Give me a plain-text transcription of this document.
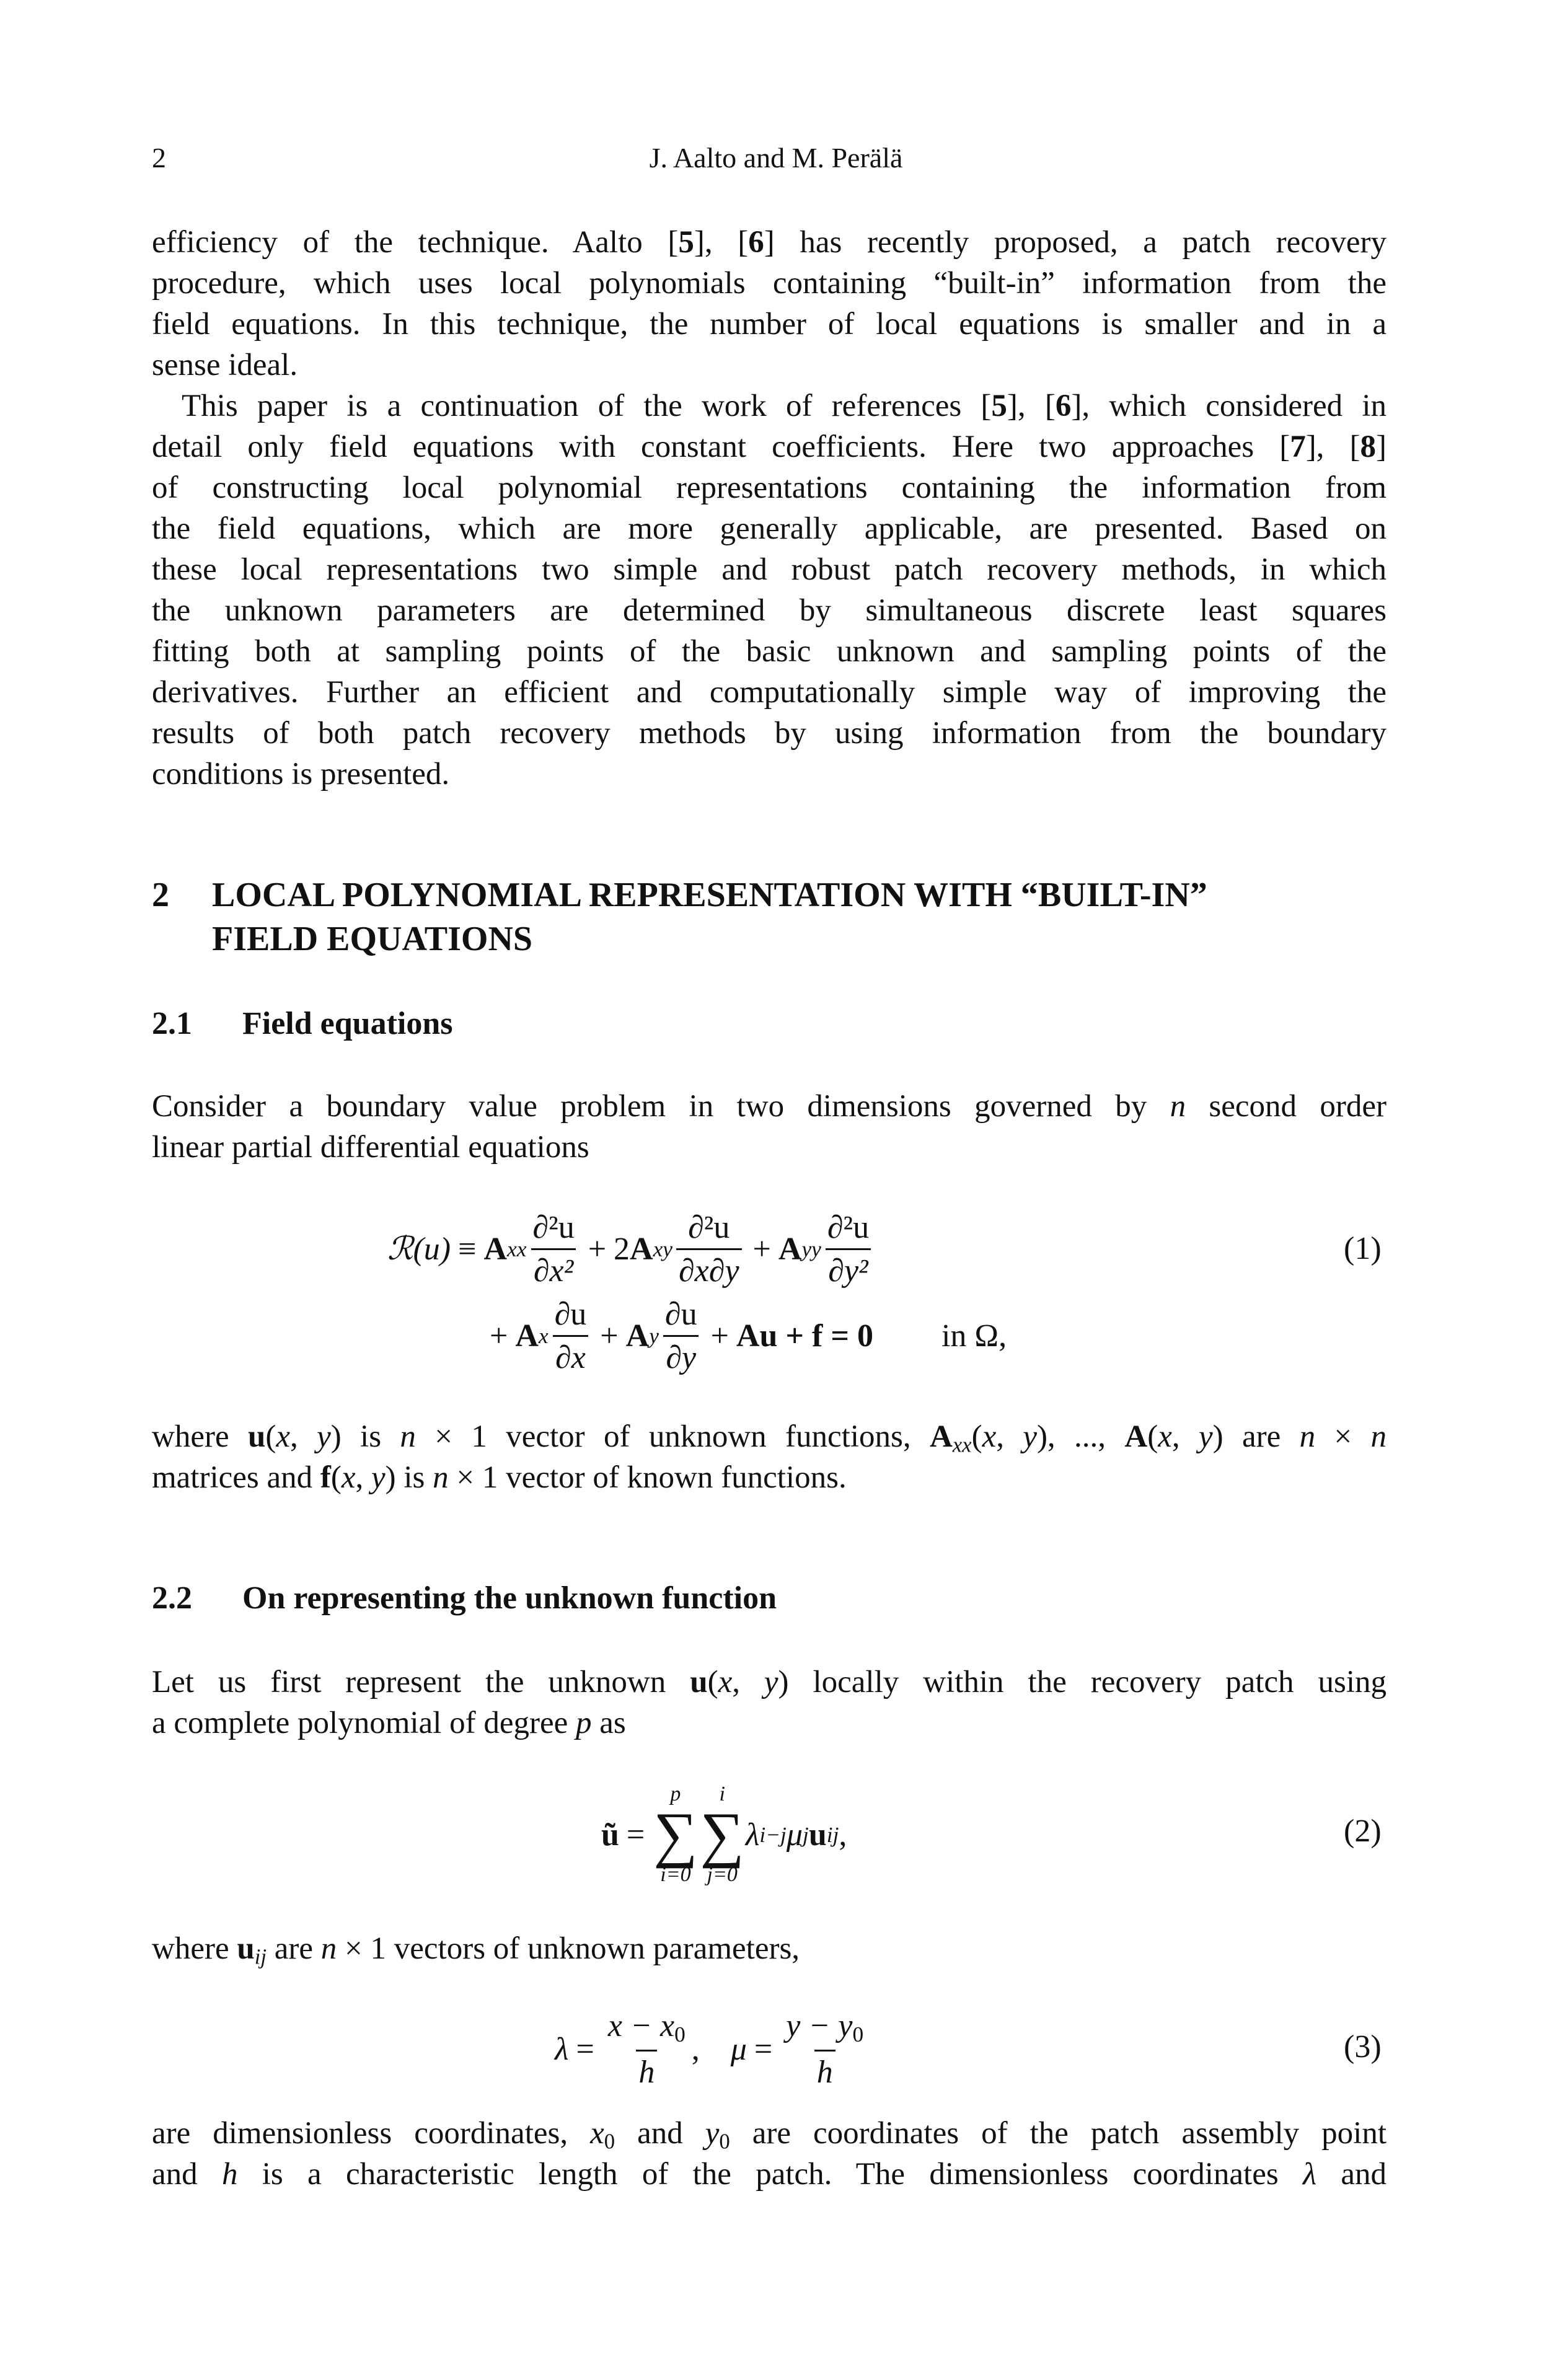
2	J. Aalto and M. Perälä
efficiency of the technique. Aalto [5], [6] has recently proposed, a patch recovery
procedure, which uses local polynomials containing “built-in” information from the
field equations. In this technique, the number of local equations is smaller and in a
sense ideal.
This paper is a continuation of the work of references [5], [6], which considered in
detail only field equations with constant coefficients. Here two approaches [7], [8]
of constructing local polynomial representations containing the information from
the field equations, which are more generally applicable, are presented. Based on
these local representations two simple and robust patch recovery methods, in which
the unknown parameters are determined by simultaneous discrete least squares
fitting both at sampling points of the basic unknown and sampling points of the
derivatives. Further an efficient and computationally simple way of improving the
results of both patch recovery methods by using information from the boundary
conditions is presented.
2 LOCAL POLYNOMIAL REPRESENTATION WITH “BUILT-IN”
FIELD EQUATIONS
2.1 Field equations
Consider a boundary value problem in two dimensions governed by n second order
linear partial differential equations
ℛ(u) ≡ A xx $\frac{\text{∂²u}}{\text{∂x²}} + 2$ A xy $\frac{\text{∂²u}}{\partial x\partial y} + A$ yy $\frac{\text{∂²u}}{\text{∂y²}}$	(1)
+ A x $\frac{\partial u}{\partial x} + A$ y $\frac{\partial u}{\partial y} + Au + f = 0$ in Ω,
where u(x, y) is n × 1 vector of unknown functions, $A_{xx}(x$, y), ..., A(x, y) are n × n
matrices and f(x, y) is n × 1 vector of known functions.
2.2 On representing the unknown function
Let us first represent the unknown u(x, y) locally within the recovery patch using
a complete polynomial of degree p as
ũ =
p
∑
i=0
i
∑
j=0
λ i−j μ j u ij ,	(2)
where $u_{ij}$ are n × 1 vectors of unknown parameters,
$\lambda = \frac{x - x0}{h}$ , $\mu = \frac{y - y0}{h}$	(3)
are dimensionless coordinates, x0 and y0 are coordinates of the patch assembly point
and h is a characteristic length of the patch. The dimensionless coordinates λ and
